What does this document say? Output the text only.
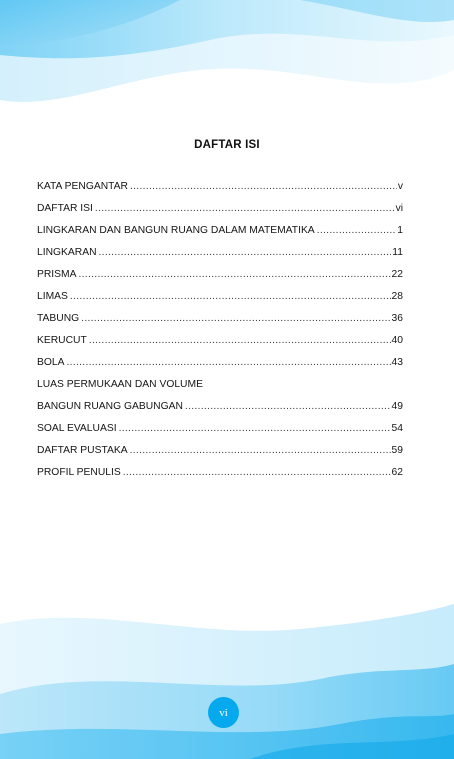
DAFTAR ISI
KATA PENGANTAR .....	v
DAFTAR ISI .....	vi
LINGKARAN DAN BANGUN RUANG DALAM MATEMATIKA .....	1
LINGKARAN .....	11
PRISMA .....	22
LIMAS .....	28
TABUNG .....	36
KERUCUT .....	40
BOLA .....	43
LUAS PERMUKAAN DAN VOLUME
BANGUN RUANG GABUNGAN .....	49
SOAL EVALUASI .....	54
DAFTAR PUSTAKA .....	59
PROFIL PENULIS .....	62
vi
